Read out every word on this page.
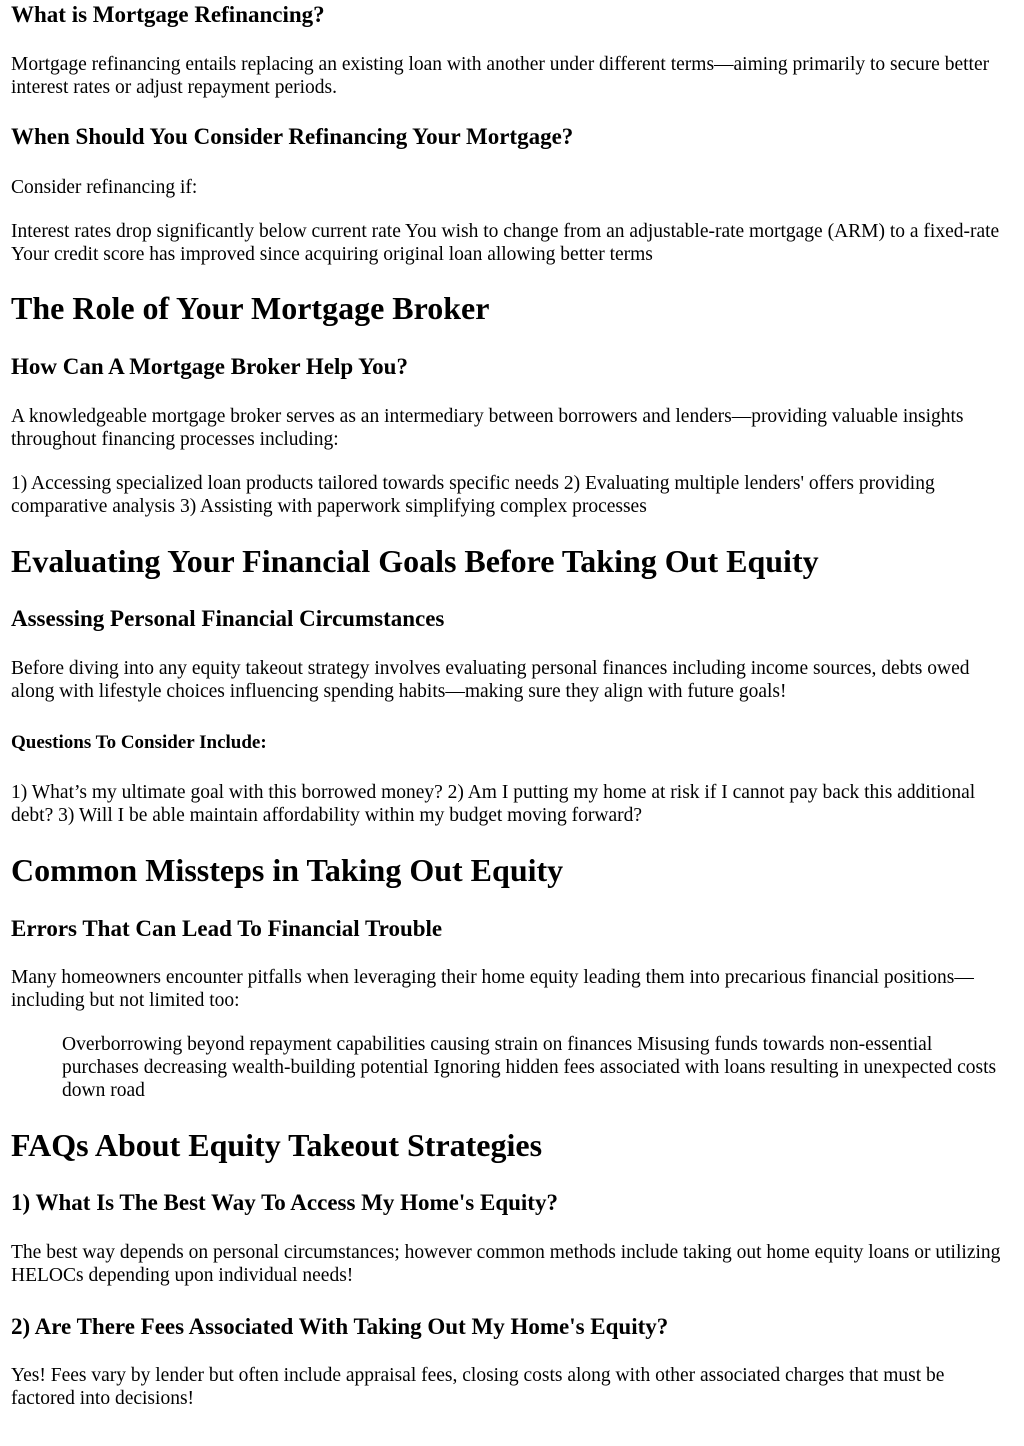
What is Mortgage Refinancing?

Mortgage refinancing entails replacing an existing loan with another under different terms—aiming primarily to secure better interest rates or adjust repayment periods.

When Should You Consider Refinancing Your Mortgage?

Consider refinancing if:

Interest rates drop significantly below current rate You wish to change from an adjustable-rate mortgage (ARM) to a fixed-rate Your credit score has improved since acquiring original loan allowing better terms

The Role of Your Mortgage Broker
How Can A Mortgage Broker Help You?

A knowledgeable mortgage broker serves as an intermediary between borrowers and lenders—providing valuable insights throughout financing processes including:

1) Accessing specialized loan products tailored towards specific needs 2) Evaluating multiple lenders' offers providing comparative analysis 3) Assisting with paperwork simplifying complex processes

Evaluating Your Financial Goals Before Taking Out Equity
Assessing Personal Financial Circumstances

Before diving into any equity takeout strategy involves evaluating personal finances including income sources, debts owed along with lifestyle choices influencing spending habits—making sure they align with future goals!

Questions To Consider Include:

1) What’s my ultimate goal with this borrowed money? 2) Am I putting my home at risk if I cannot pay back this additional debt? 3) Will I be able maintain affordability within my budget moving forward?

Common Missteps in Taking Out Equity
Errors That Can Lead To Financial Trouble

Many homeowners encounter pitfalls when leveraging their home equity leading them into precarious financial positions—including but not limited too:

Overborrowing beyond repayment capabilities causing strain on finances Misusing funds towards non-essential purchases decreasing wealth-building potential Ignoring hidden fees associated with loans resulting in unexpected costs down road
FAQs About Equity Takeout Strategies
1) What Is The Best Way To Access My Home's Equity?

The best way depends on personal circumstances; however common methods include taking out home equity loans or utilizing HELOCs depending upon individual needs!

2) Are There Fees Associated With Taking Out My Home's Equity?

Yes! Fees vary by lender but often include appraisal fees, closing costs along with other associated charges that must be factored into decisions!
